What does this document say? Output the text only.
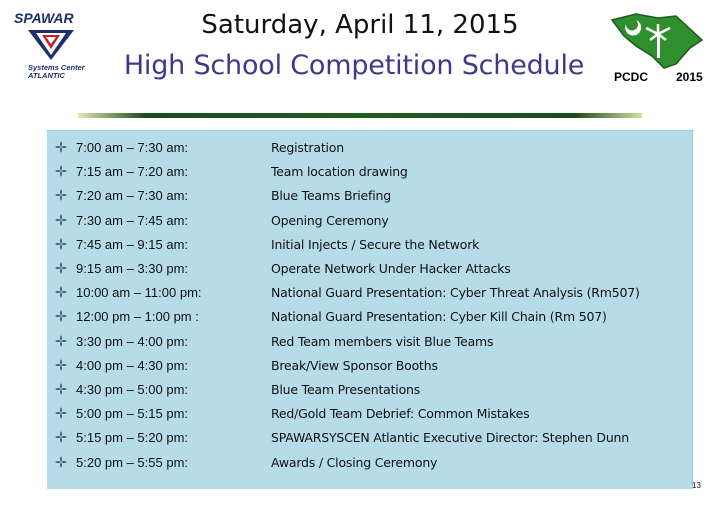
SPAWAR
Systems Center ATLANTIC
Saturday, April 11, 2015
High School Competition Schedule	PCDC 2015
7:00 am – 7:30 am:	Registration
7:15 am – 7:20 am:	Team location drawing
7:20 am – 7:30 am:	Blue Teams Briefing
7:30 am – 7:45 am:	Opening Ceremony
7:45 am – 9:15 am:	Initial Injects / Secure the Network
9:15 am – 3:30 pm:	Operate Network Under Hacker Attacks
10:00 am – 11:00 pm:	National Guard Presentation: Cyber Threat Analysis (Rm507)
12:00 pm – 1:00 pm :	National Guard Presentation: Cyber Kill Chain (Rm 507)
3:30 pm – 4:00 pm:	Red Team members visit Blue Teams
4:00 pm – 4:30 pm:	Break/View Sponsor Booths
4:30 pm – 5:00 pm:	Blue Team Presentations
5:00 pm – 5:15 pm:	Red/Gold Team Debrief: Common Mistakes
5:15 pm – 5:20 pm:	SPAWARSYSCEN Atlantic Executive Director: Stephen Dunn
5:20 pm – 5:55 pm:	Awards / Closing Ceremony
13
